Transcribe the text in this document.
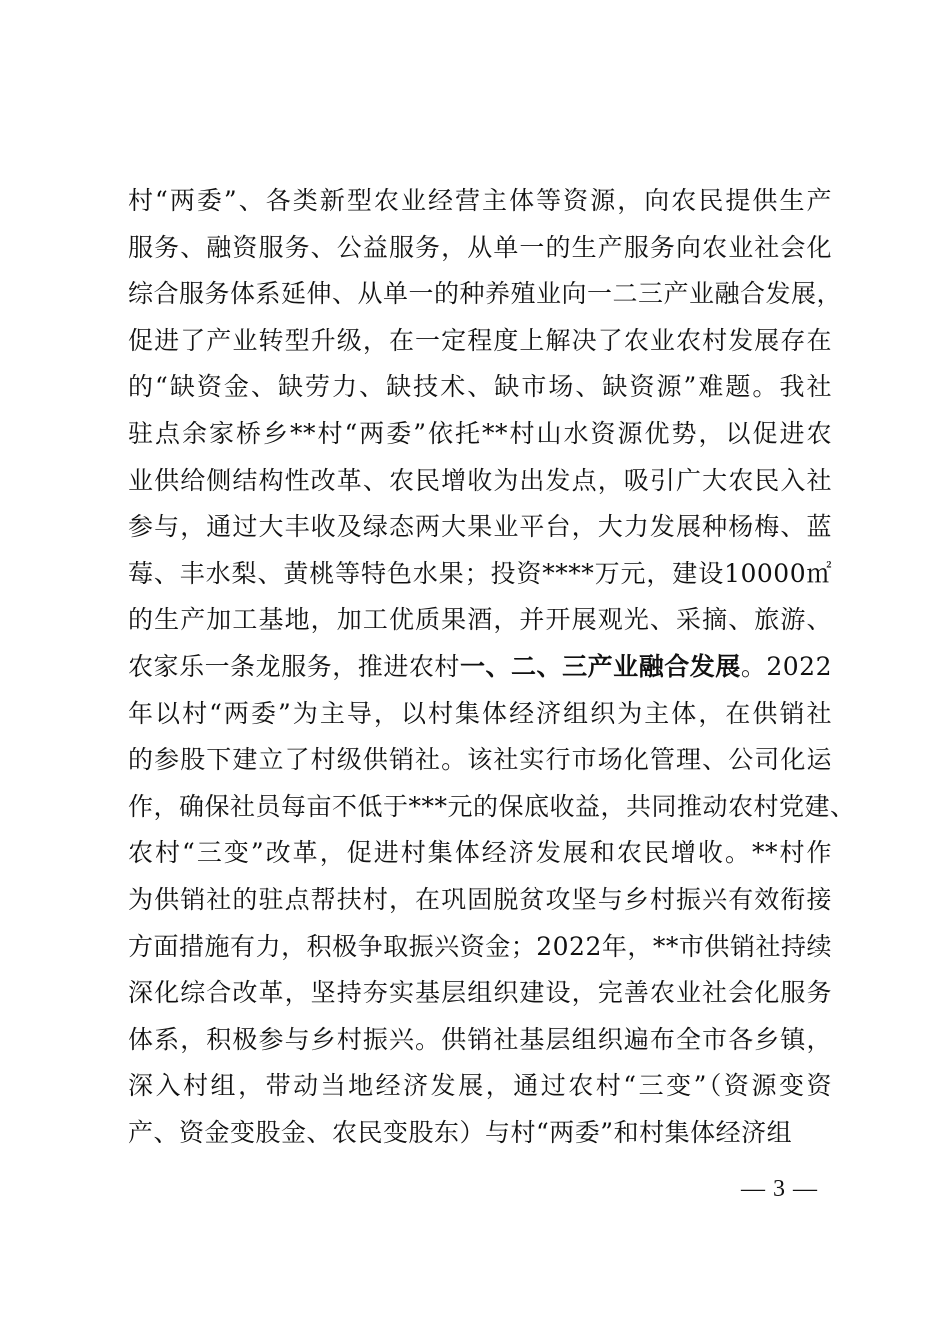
村“两委”、各类新型农业经营主体等资源，向农民提供生产
服务、融资服务、公益服务，从单一的生产服务向农业社会化
综合服务体系延伸、从单一的种养殖业向一二三产业融合发展，
促进了产业转型升级，在一定程度上解决了农业农村发展存在
的“缺资金、缺劳力、缺技术、缺市场、缺资源”难题。我社
驻点余家桥乡**村“两委”依托**村山水资源优势，以促进农
业供给侧结构性改革、农民增收为出发点，吸引广大农民入社
参与，通过大丰收及绿态两大果业平台，大力发展种杨梅、蓝
莓、丰水梨、黄桃等特色水果；投资****万元，建设10000㎡
的生产加工基地，加工优质果酒，并开展观光、采摘、旅游、
农家乐一条龙服务，推进农村一、二、三产业融合发展。2022
年以村“两委”为主导，以村集体经济组织为主体，在供销社
的参股下建立了村级供销社。该社实行市场化管理、公司化运
作，确保社员每亩不低于***元的保底收益，共同推动农村党建、
农村“三变”改革，促进村集体经济发展和农民增收。**村作
为供销社的驻点帮扶村，在巩固脱贫攻坚与乡村振兴有效衔接
方面措施有力，积极争取振兴资金；2022年，**市供销社持续
深化综合改革，坚持夯实基层组织建设，完善农业社会化服务
体系，积极参与乡村振兴。供销社基层组织遍布全市各乡镇，
深入村组，带动当地经济发展，通过农村“三变”（资源变资
产、资金变股金、农民变股东）与村“两委”和村集体经济组
— 3 —
